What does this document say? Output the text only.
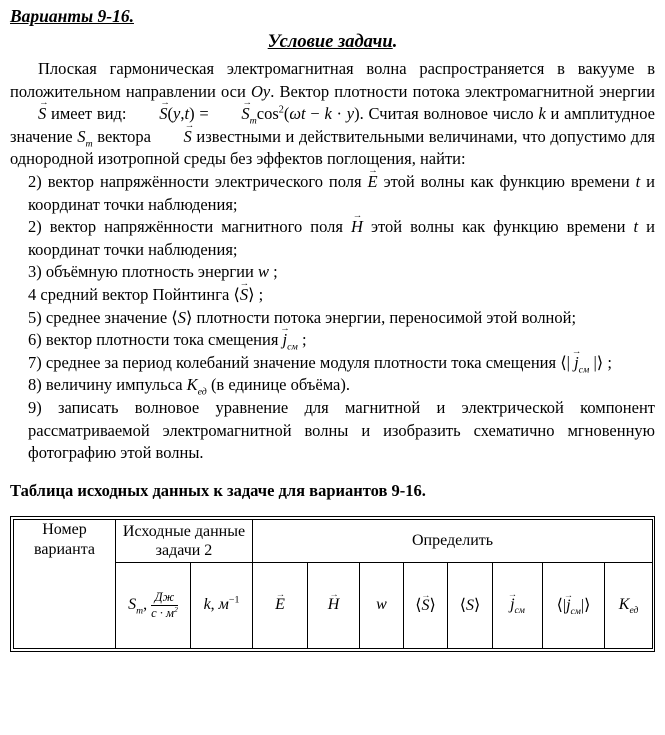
Варианты 9-16.
Условие задачи.

Плоская гармоническая электромагнитная волна распространяется в вакууме в положительном направлении оси Oy. Вектор плотности потока электромагнитной энергии S → имеет вид: $S \to(y,t) = S \to_m\cos^2(\omega t - k \cdot y)$. Считая волновое число k и амплитудное значение $S_m$ вектора S → известными и действительными величинами, что допустимо для однородной изотропной среды без эффектов поглощения, найти:

2) вектор напряжённости электрического поля E → этой волны как функцию времени t и координат точки наблюдения;

2) вектор напряжённости магнитного поля H → этой волны как функцию времени t и координат точки наблюдения;

3) объёмную плотность энергии w ;

4 средний вектор Пойнтинга ⟨S →⟩ ;

5) среднее значение ⟨S⟩ плотности потока энергии, переносимой этой волной;

6) вектор плотности тока смещения $j \to_{см}$ ;

7) среднее за период колебаний значение модуля плотности тока смещения ⟨| $j \to_{см}$ |⟩ ;

8) величину импульса $K_{ед}$ (в единице объёма).

9) записать волновое уравнение для магнитной и электрической компонент рассматриваемой электромагнитной волны и изобразить схематично мгновенную фотографию этой волны.

Таблица исходных данных к задаче для вариантов 9-16.

Номер варианта	Исходные данные задачи 2		Определить							
	$S_m$, $\frac{Дж}{с \cdot м^2}$	k, $м^{-1}$	E →	H →	w	⟨S →⟩	⟨S⟩	$j \to_{см}$	⟨|j $\to_{см}|⟩$	$K_{ед}$
